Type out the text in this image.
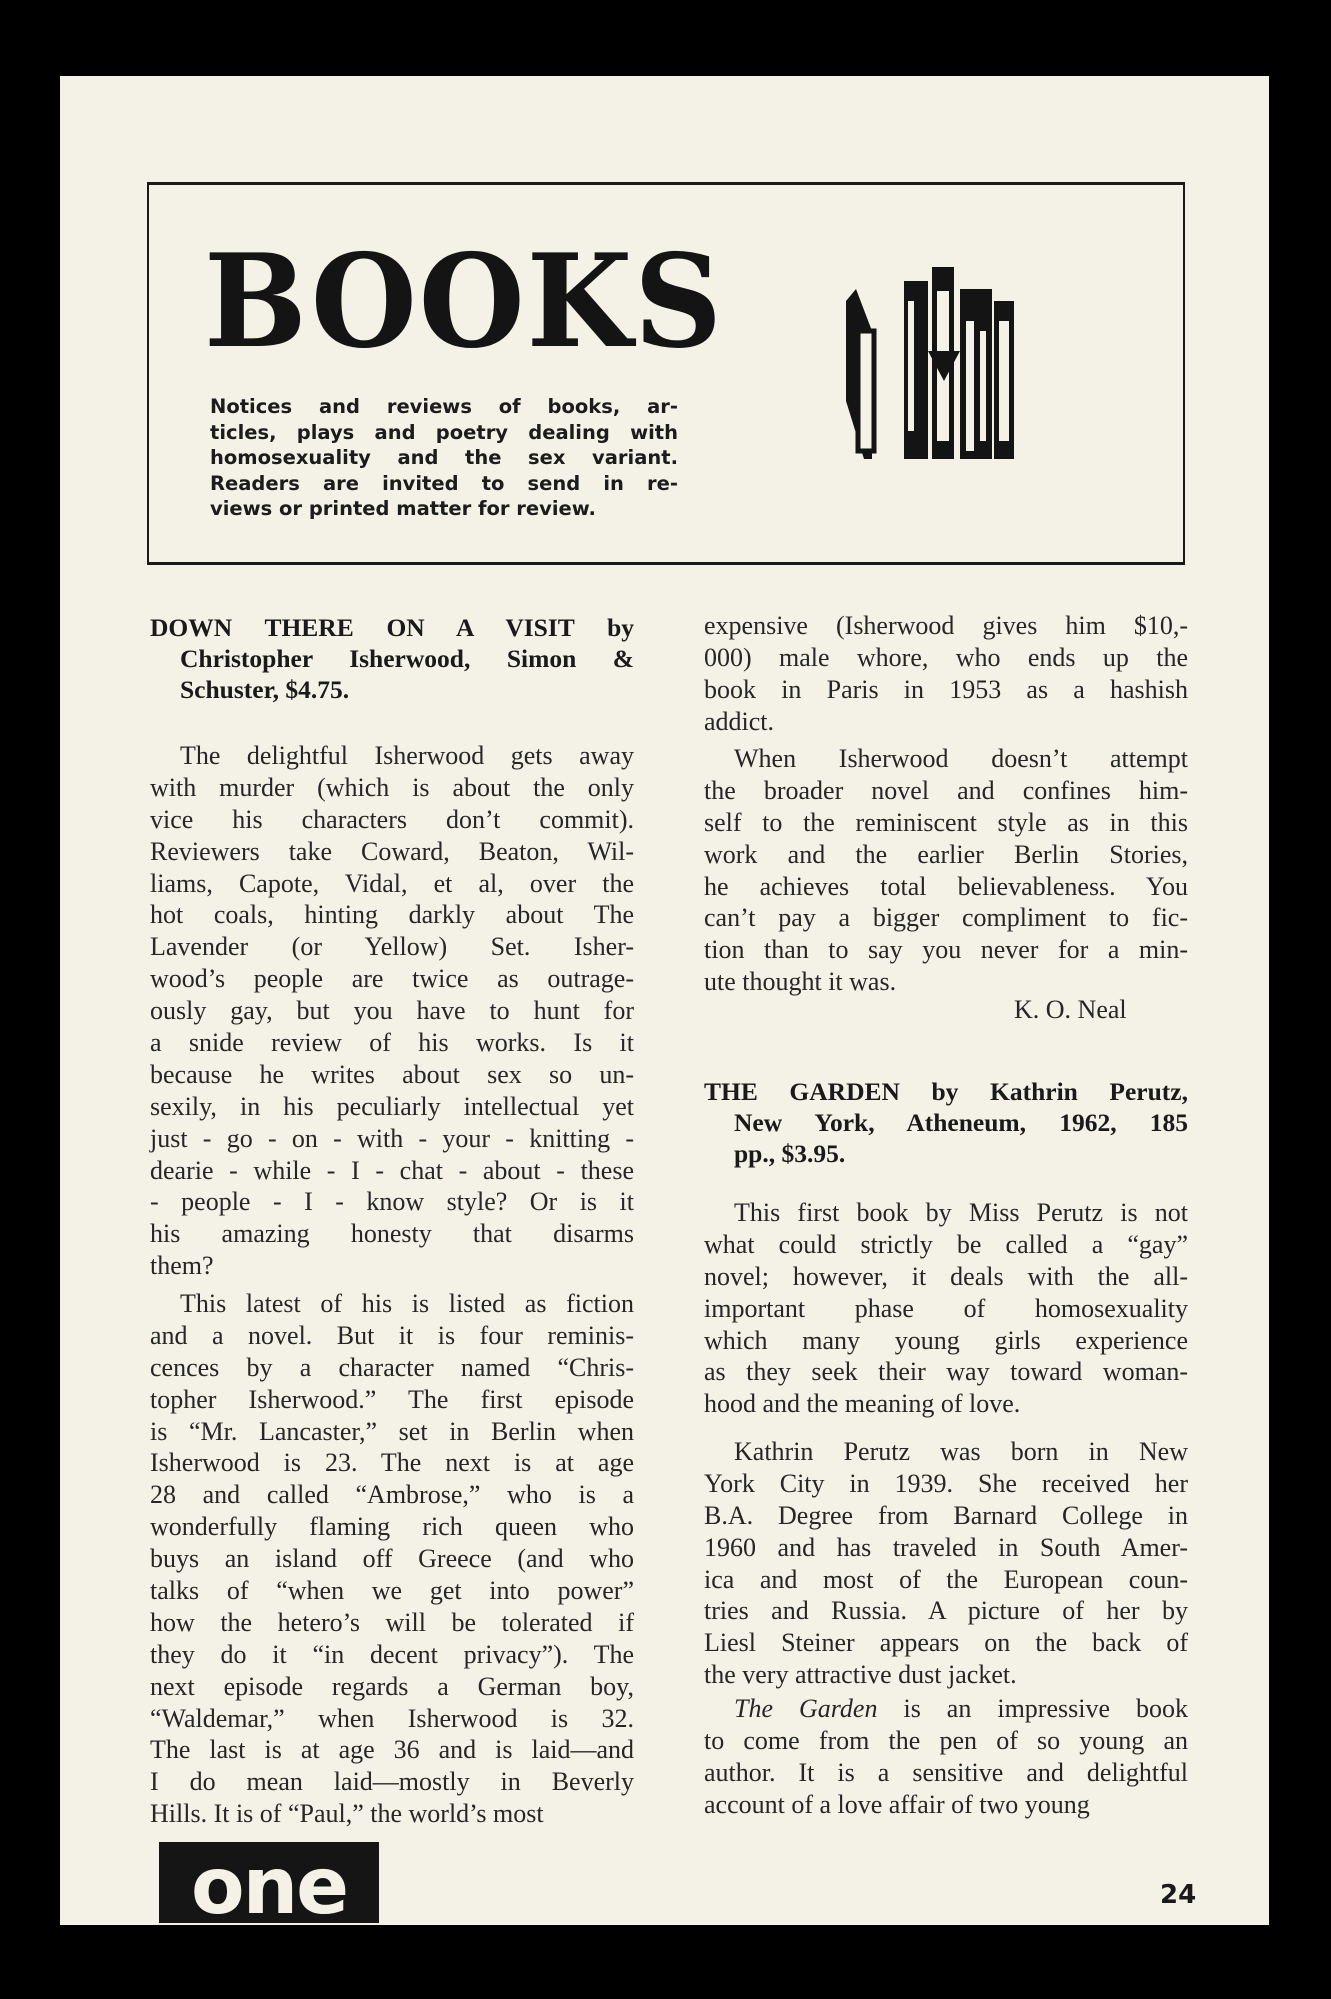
BOOKS
Notices and reviews of books, ar-
ticles, plays and poetry dealing with
homosexuality and the sex variant.
Readers are invited to send in re-
views or printed matter for review.
DOWN THERE ON A VISIT by
Christopher Isherwood, Simon &
Schuster, $4.75.
The delightful Isherwood gets away
with murder (which is about the only
vice his characters don’t commit).
Reviewers take Coward, Beaton, Wil-
liams, Capote, Vidal, et al, over the
hot coals, hinting darkly about The
Lavender (or Yellow) Set. Isher-
wood’s people are twice as outrage-
ously gay, but you have to hunt for
a snide review of his works. Is it
because he writes about sex so un-
sexily, in his peculiarly intellectual yet
just - go - on - with - your - knitting -
dearie - while - I - chat - about - these
- people - I - know style? Or is it
his amazing honesty that disarms
them?
This latest of his is listed as fiction
and a novel. But it is four reminis-
cences by a character named “Chris-
topher Isherwood.” The first episode
is “Mr. Lancaster,” set in Berlin when
Isherwood is 23. The next is at age
28 and called “Ambrose,” who is a
wonderfully flaming rich queen who
buys an island off Greece (and who
talks of “when we get into power”
how the hetero’s will be tolerated if
they do it “in decent privacy”). The
next episode regards a German boy,
“Waldemar,” when Isherwood is 32.
The last is at age 36 and is laid—and
I do mean laid—mostly in Beverly
Hills. It is of “Paul,” the world’s most
expensive (Isherwood gives him $10,-
000) male whore, who ends up the
book in Paris in 1953 as a hashish
addict.
When Isherwood doesn’t attempt
the broader novel and confines him-
self to the reminiscent style as in this
work and the earlier Berlin Stories,
he achieves total believableness. You
can’t pay a bigger compliment to fic-
tion than to say you never for a min-
ute thought it was.
K. O. Neal
THE GARDEN by Kathrin Perutz,
New York, Atheneum, 1962, 185
pp., $3.95.
This first book by Miss Perutz is not
what could strictly be called a “gay”
novel; however, it deals with the all-
important phase of homosexuality
which many young girls experience
as they seek their way toward woman-
hood and the meaning of love.
Kathrin Perutz was born in New
York City in 1939. She received her
B.A. Degree from Barnard College in
1960 and has traveled in South Amer-
ica and most of the European coun-
tries and Russia. A picture of her by
Liesl Steiner appears on the back of
the very attractive dust jacket.
The Garden is an impressive book
to come from the pen of so young an
author. It is a sensitive and delightful
account of a love affair of two young
one	24
